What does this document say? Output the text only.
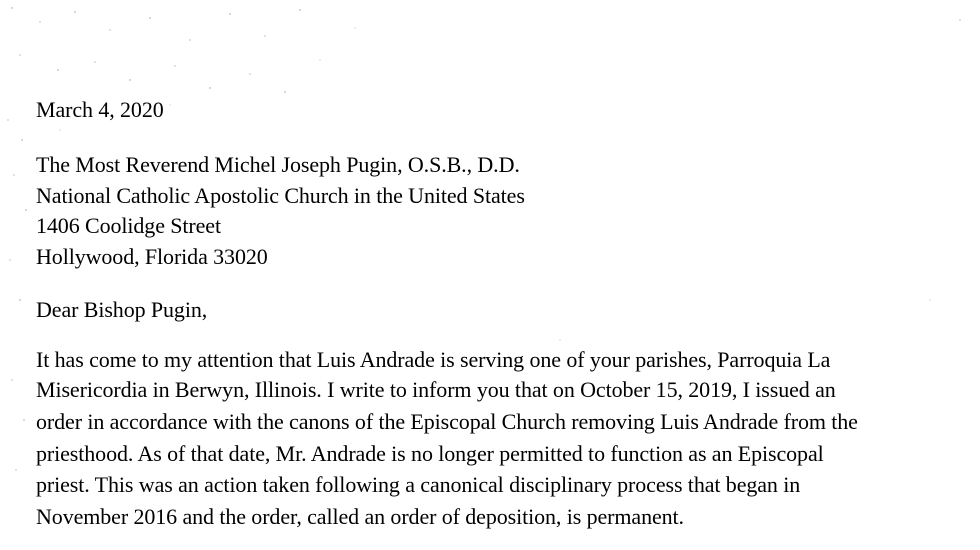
March 4, 2020
The Most Reverend Michel Joseph Pugin, O.S.B., D.D.
National Catholic Apostolic Church in the United States
1406 Coolidge Street
Hollywood, Florida 33020
Dear Bishop Pugin,
It has come to my attention that Luis Andrade is serving one of your parishes, Parroquia La
Misericordia in Berwyn, Illinois. I write to inform you that on October 15, 2019, I issued an
order in accordance with the canons of the Episcopal Church removing Luis Andrade from the
priesthood. As of that date, Mr. Andrade is no longer permitted to function as an Episcopal
priest. This was an action taken following a canonical disciplinary process that began in
November 2016 and the order, called an order of deposition, is permanent.
